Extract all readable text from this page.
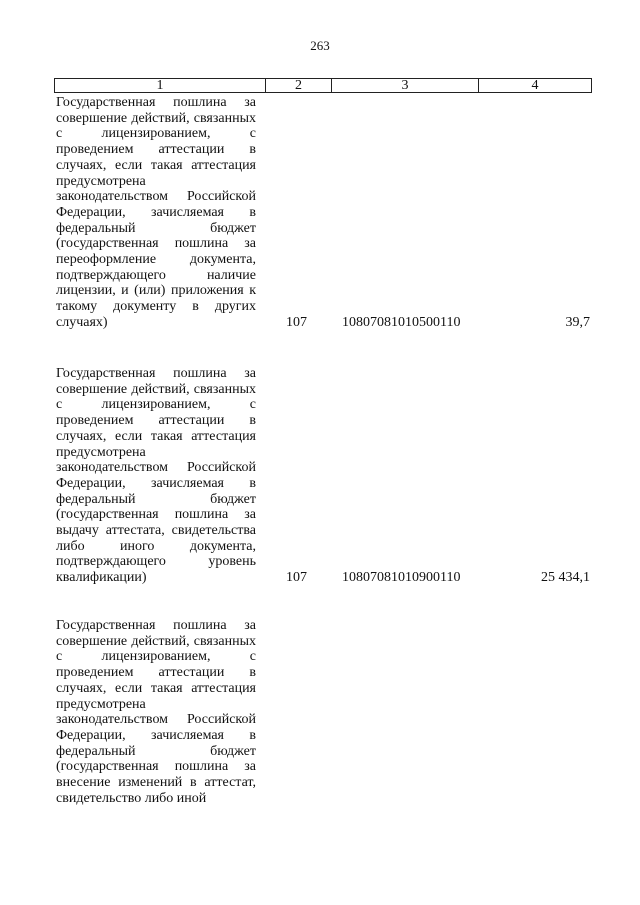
263
1	2	3	4
Государственная пошлина за совершение действий, связанных с лицензированием, с проведением аттестации в случаях, если такая аттестация предусмотрена законодательством Российской Федерации, зачисляемая в федеральный бюджет (государственная пошлина за переоформление документа, подтверждающего наличие лицензии, и (или) приложения к такому документу в других случаях)	107	10807081010500110	39,7
Государственная пошлина за совершение действий, связанных с лицензированием, с проведением аттестации в случаях, если такая аттестация предусмотрена законодательством Российской Федерации, зачисляемая в федеральный бюджет (государственная пошлина за выдачу аттестата, свидетельства либо иного документа, подтверждающего уровень квалификации)	107	10807081010900110	25 434,1
Государственная пошлина за совершение действий, связанных с лицензированием, с проведением аттестации в случаях, если такая аттестация предусмотрена законодательством Российской Федерации, зачисляемая в федеральный бюджет (государственная пошлина за внесение изменений в аттестат, свидетельство либо иной
